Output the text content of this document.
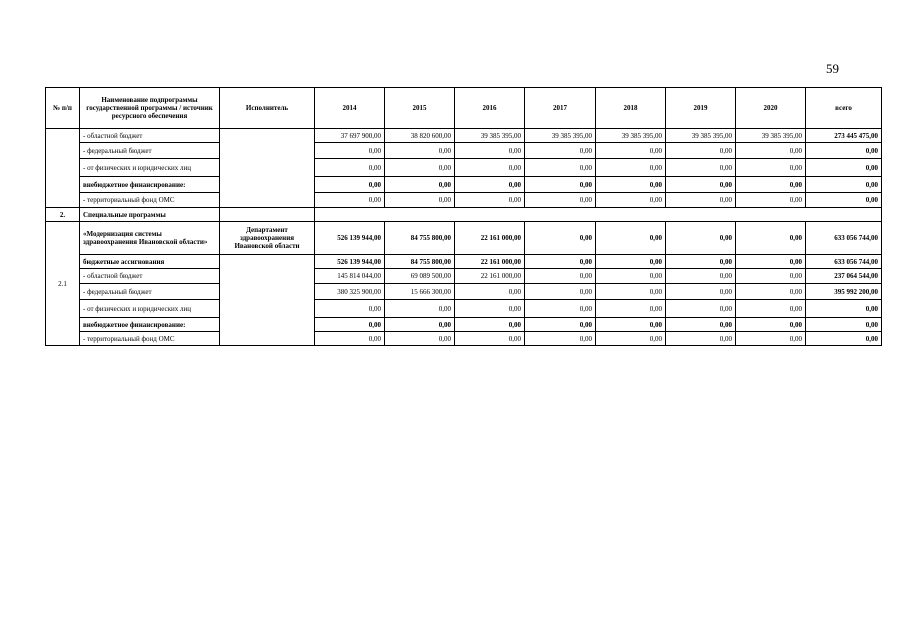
59
№ п/п	Наименование подпрограммы государственной программы / источник ресурсного обеспечения	Исполнитель	2014	2015	2016	2017	2018	2019	2020	всего
	- областной бюджет		37 697 900,00	38 820 600,00	39 385 395,00	39 385 395,00	39 385 395,00	39 385 395,00	39 385 395,00	273 445 475,00
	- федеральный бюджет		0,00	0,00	0,00	0,00	0,00	0,00	0,00	0,00
	- от физических и юридических лиц		0,00	0,00	0,00	0,00	0,00	0,00	0,00	0,00
	внебюджетное финансирование:		0,00	0,00	0,00	0,00	0,00	0,00	0,00	0,00
	- территориальный фонд ОМС		0,00	0,00	0,00	0,00	0,00	0,00	0,00	0,00
2.	Специальные программы									
2.1	«Модернизация системы здравоохранения Ивановской области»	Департамент здравоохранения Ивановской области	526 139 944,00	84 755 800,00	22 161 000,00	0,00	0,00	0,00	0,00	633 056 744,00
	бюджетные ассигнования		526 139 944,00	84 755 800,00	22 161 000,00	0,00	0,00	0,00	0,00	633 056 744,00
	- областной бюджет		145 814 044,00	69 089 500,00	22 161 000,00	0,00	0,00	0,00	0,00	237 064 544,00
	- федеральный бюджет		380 325 900,00	15 666 300,00	0,00	0,00	0,00	0,00	0,00	395 992 200,00
	- от физических и юридических лиц		0,00	0,00	0,00	0,00	0,00	0,00	0,00	0,00
	внебюджетное финансирование:		0,00	0,00	0,00	0,00	0,00	0,00	0,00	0,00
	- территориальный фонд ОМС		0,00	0,00	0,00	0,00	0,00	0,00	0,00	0,00
